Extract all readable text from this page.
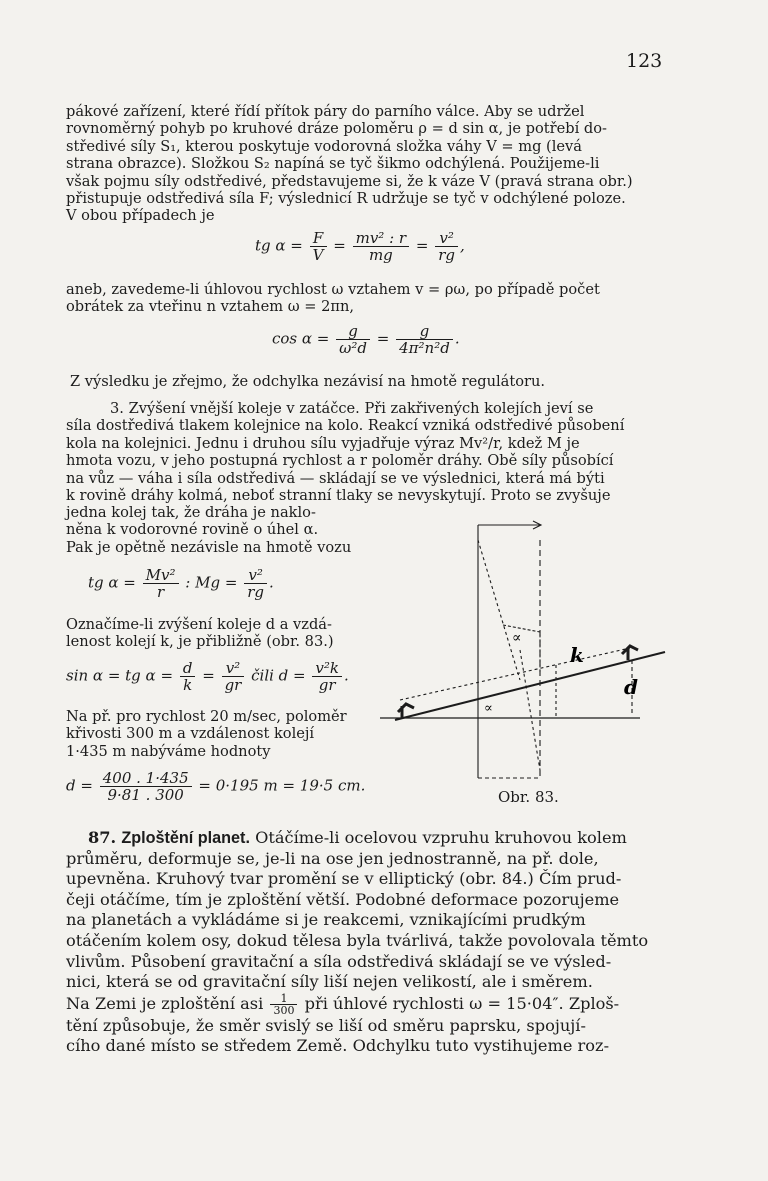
123
pákové zařízení, které řídí přítok páry do parního válce. Aby se udržel
rovnoměrný pohyb po kruhové dráze poloměru ρ = d sin α, je potřebí do-
středivé síly S₁, kterou poskytuje vodorovná složka váhy V = mg (levá
strana obrazce). Složkou S₂ napíná se tyč šikmo odchýlená. Použijeme-li
však pojmu síly odstředivé, představujeme si, že k váze V (pravá strana obr.)
přistupuje odstředivá síla F; výslednicí R udržuje se tyč v odchýlené poloze.
V obou případech je
tg $\alpha = \frac{F}{V} = \frac{\text{mv² : r}}{mg} = \frac{\text{v²}}{rg}$ ,
aneb, zavedeme-li úhlovou rychlost ω vztahem v = ρω, po případě počet
obrátek za vteřinu n vztahem ω = 2πn,
$\cos \alpha = \frac{g}{\text{ω²d}} = \frac{g}{\text{4π²n²d}}$ .
Z výsledku je zřejmo, že odchylka nezávisí na hmotě regulátoru.
3. Zvýšení vnější koleje v zatáčce. Při zakřivených kolejích jeví se
síla dostředivá tlakem kolejnice na kolo. Reakcí vzniká odstředivé působení
kola na kolejnici. Jednu i druhou sílu vyjadřuje výraz Mv²/r, kdež M je
hmota vozu, v jeho postupná rychlost a r poloměr dráhy. Obě síly působící
na vůz — váha i síla odstředivá — skládají se ve výslednici, která má býti
k rovině dráhy kolmá, neboť stranní tlaky se nevyskytují. Proto se zvyšuje
jedna kolej tak, že dráha je naklo-
něna k vodorovné rovině o úhel α.
Pak je opětně nezávisle na hmotě vozu
tg $\alpha = \frac{\text{Mv²}}{r}$ : $Mg = \frac{\text{v²}}{rg}$ .
Označíme-li zvýšení koleje d a vzdá-
lenost kolejí k, je přibližně (obr. 83.)
sin α = tg $\alpha = \frac{d}{k} = \frac{\text{v²}}{gr}$ čili $d = \frac{\text{v²k}}{gr}$ .
Na př. pro rychlost 20 m/sec, poloměr
křivosti 300 m a vzdálenost kolejí
1·435 m nabýváme hodnoty
$d = \frac{400 . 1\cdot 435}{9\cdot 81 . 300} = 0\cdot 195$ m = 19·5 cm.
∝
∝
k
d
Obr. 83.
87. Zploštění planet. Otáčíme-li ocelovou vzpruhu kruhovou kolem
průměru, deformuje se, je-li na ose jen jednostranně, na př. dole,
upevněna. Kruhový tvar promění se v elliptický (obr. 84.) Čím prud-
čeji otáčíme, tím je zploštění větší. Podobné deformace pozorujeme
na planetách a vykládáme si je reakcemi, vznikajícími prudkým
otáčením kolem osy, dokud tělesa byla tvárlivá, takže povolovala těmto
vlivům. Působení gravitační a síla odstředivá skládají se ve výsled-
nici, která se od gravitační síly liší nejen velikostí, ale i směrem.
Na Zemi je zploštění asi $\frac{1}{300}$ při úhlové rychlosti ω = 15·04″. Zploš-
tění způsobuje, že směr svislý se liší od směru paprsku, spojují-
cího dané místo se středem Země. Odchylku tuto vystihujeme roz-
